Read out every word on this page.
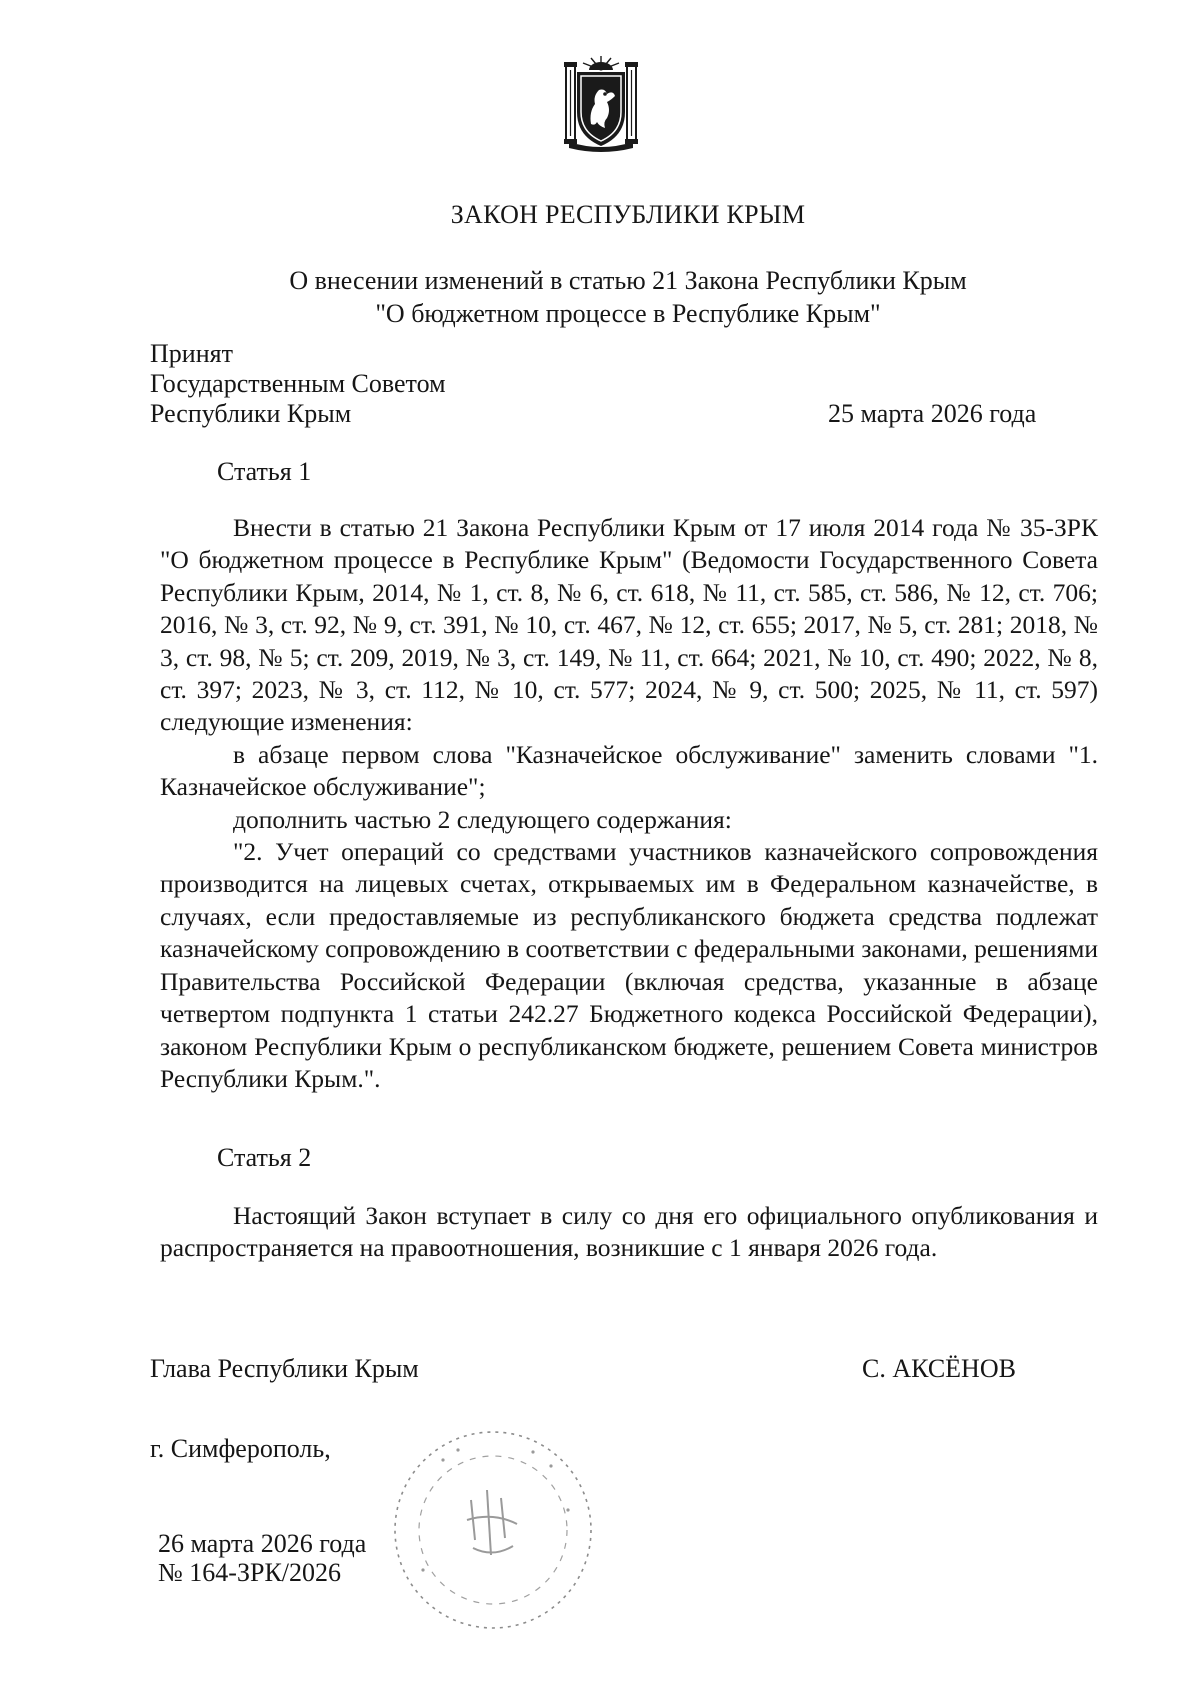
ЗАКОН РЕСПУБЛИКИ КРЫМ
О внесении изменений в статью 21 Закона Республики Крым
"О бюджетном процессе в Республике Крым"
Принят
Государственным Советом
Республики Крым	25 марта 2026 года
Статья 1

Внести в статью 21 Закона Республики Крым от 17 июля 2014 года № 35-ЗРК "О бюджетном процессе в Республике Крым" (Ведомости Государственного Совета Республики Крым, 2014, № 1, ст. 8, № 6, ст. 618, № 11, ст. 585, ст. 586, № 12, ст. 706; 2016, № 3, ст. 92, № 9, ст. 391, № 10, ст. 467, № 12, ст. 655; 2017, № 5, ст. 281; 2018, № 3, ст. 98, № 5; ст. 209, 2019, № 3, ст. 149, № 11, ст. 664; 2021, № 10, ст. 490; 2022, № 8, ст. 397; 2023, № 3, ст. 112, № 10, ст. 577; 2024, № 9, ст. 500; 2025, № 11, ст. 597) следующие изменения:

в абзаце первом слова "Казначейское обслуживание" заменить словами "1. Казначейское обслуживание";

дополнить частью 2 следующего содержания:

"2. Учет операций со средствами участников казначейского сопровождения производится на лицевых счетах, открываемых им в Федеральном казначействе, в случаях, если предоставляемые из республиканского бюджета средства подлежат казначейскому сопровождению в соответствии с федеральными законами, решениями Правительства Российской Федерации (включая средства, указанные в абзаце четвертом подпункта 1 статьи 242.27 Бюджетного кодекса Российской Федерации), законом Республики Крым о республиканском бюджете, решением Совета министров Республики Крым.".

Статья 2

Настоящий Закон вступает в силу со дня его официального опубликования и распространяется на правоотношения, возникшие с 1 января 2026 года.

Глава Республики Крым	С. АКСЁНОВ
г. Симферополь,
26 марта 2026 года
№ 164-ЗРК/2026
